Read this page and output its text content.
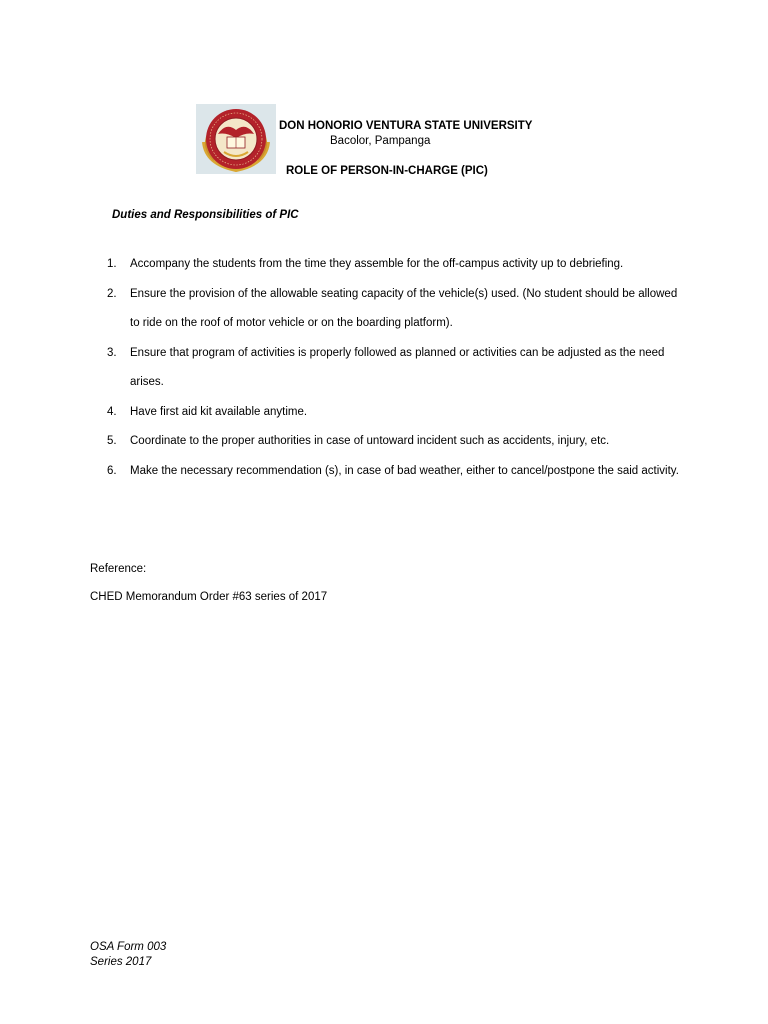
DON HONORIO VENTURA STATE UNIVERSITY
Bacolor, Pampanga
ROLE OF PERSON-IN-CHARGE (PIC)
Duties and Responsibilities of PIC
1. Accompany the students from the time they assemble for the off-campus activity up to debriefing.
2. Ensure the provision of the allowable seating capacity of the vehicle(s) used. (No student should be allowed to ride on the roof of motor vehicle or on the boarding platform).
3. Ensure that program of activities is properly followed as planned or activities can be adjusted as the need arises.
4. Have first aid kit available anytime.
5. Coordinate to the proper authorities in case of untoward incident such as accidents, injury, etc.
6. Make the necessary recommendation (s), in case of bad weather, either to cancel/postpone the said activity.
Reference:
CHED Memorandum Order #63 series of 2017
OSA Form 003
Series 2017
